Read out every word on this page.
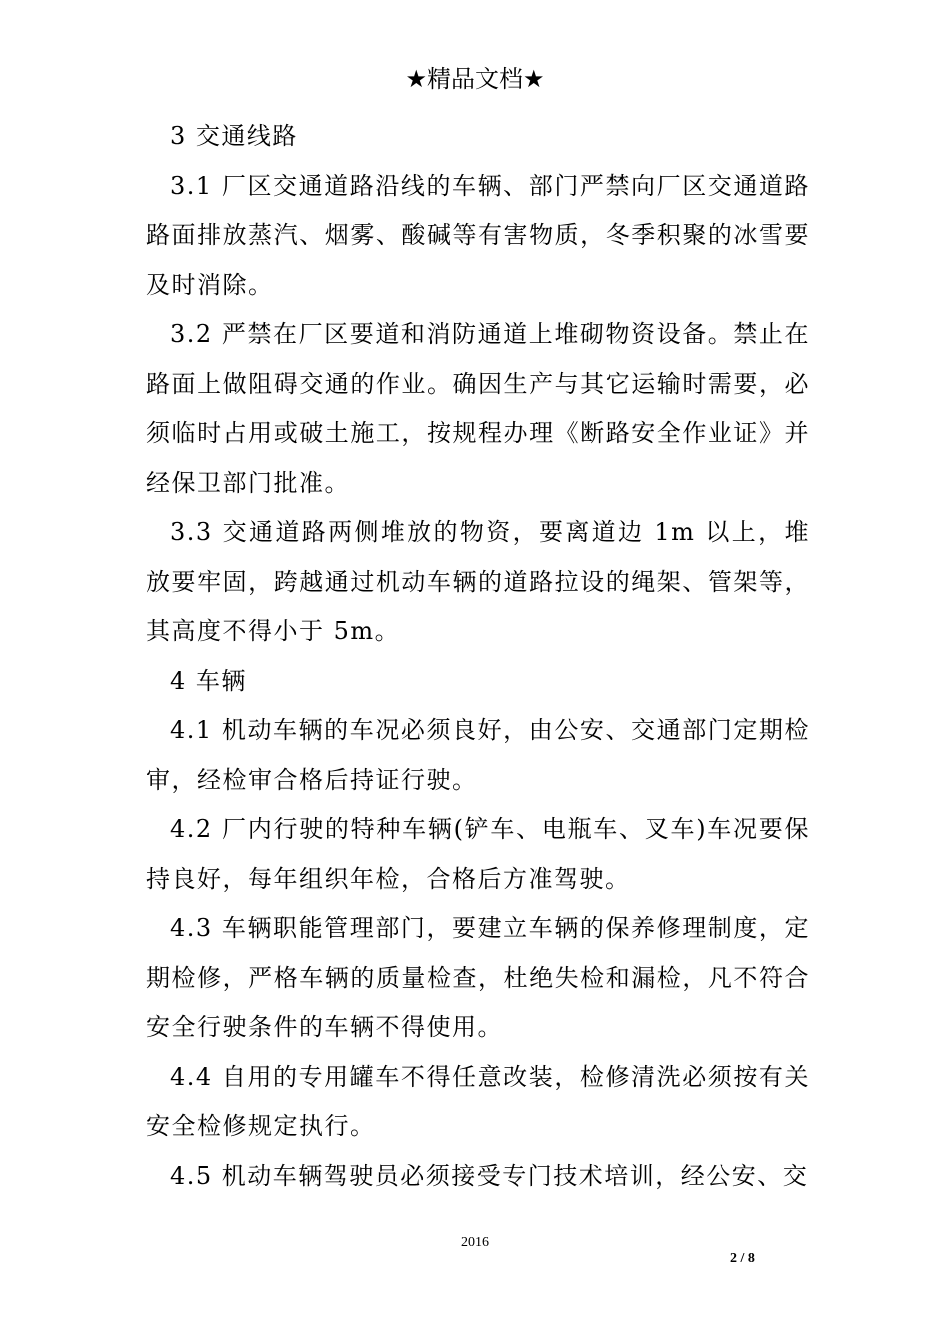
★精品文档★

3 交通线路

3.1 厂区交通道路沿线的车辆、部门严禁向厂区交通道路路面排放蒸汽、烟雾、酸碱等有害物质，冬季积聚的冰雪要及时消除。

3.2 严禁在厂区要道和消防通道上堆砌物资设备。禁止在路面上做阻碍交通的作业。确因生产与其它运输时需要，必须临时占用或破土施工，按规程办理《断路安全作业证》并经保卫部门批准。

3.3 交通道路两侧堆放的物资，要离道边 1m 以上，堆放要牢固，跨越通过机动车辆的道路拉设的绳架、管架等，其高度不得小于 5m。

4 车辆

4.1 机动车辆的车况必须良好，由公安、交通部门定期检审，经检审合格后持证行驶。

4.2 厂内行驶的特种车辆(铲车、电瓶车、叉车)车况要保持良好，每年组织年检，合格后方准驾驶。

4.3 车辆职能管理部门，要建立车辆的保养修理制度，定期检修，严格车辆的质量检查，杜绝失检和漏检，凡不符合安全行驶条件的车辆不得使用。

4.4 自用的专用罐车不得任意改装，检修清洗必须按有关安全检修规定执行。

4.5 机动车辆驾驶员必须接受专门技术培训，经公安、交

2016
2 / 8
